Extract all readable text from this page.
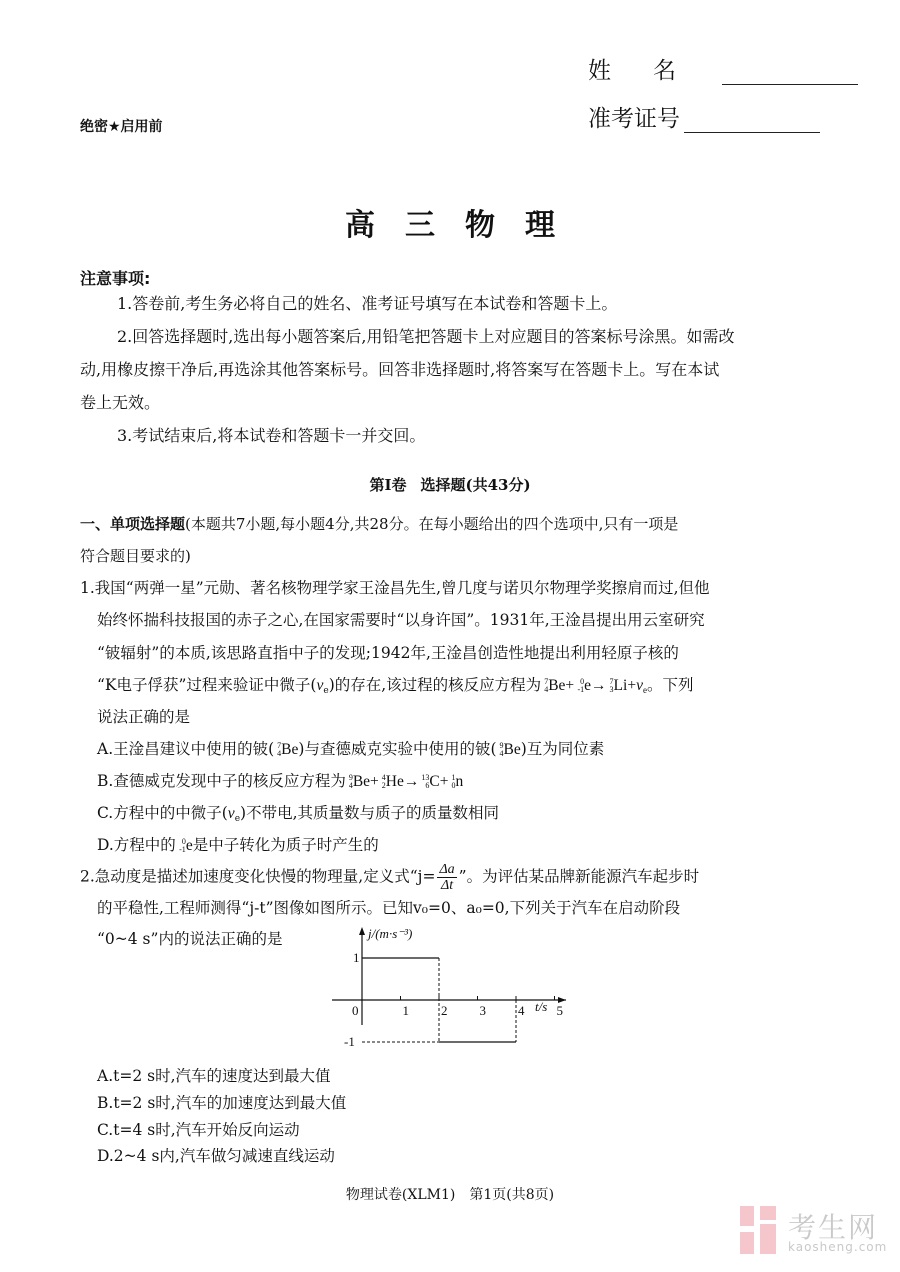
姓名
准考证号
绝密★启用前
高三物理
注意事项:
1.答卷前,考生务必将自己的姓名、准考证号填写在本试卷和答题卡上。
2.回答选择题时,选出每小题答案后,用铅笔把答题卡上对应题目的答案标号涂黑。如需改
动,用橡皮擦干净后,再选涂其他答案标号。回答非选择题时,将答案写在答题卡上。写在本试
卷上无效。
3.考试结束后,将本试卷和答题卡一并交回。
第Ⅰ卷 选择题(共43分)
一、单项选择题(本题共7小题,每小题4分,共28分。在每小题给出的四个选项中,只有一项是
符合题目要求的)
1.我国“两弹一星”元勋、著名核物理学家王淦昌先生,曾几度与诺贝尔物理学奖擦肩而过,但他
始终怀揣科技报国的赤子之心,在国家需要时“以身许国”。1931年,王淦昌提出用云室研究
“铍辐射”的本质,该思路直指中子的发现;1942年,王淦昌创造性地提出利用轻原子核的
“K电子俘获”过程来验证中微子$(v_e)$的存在,该过程的核反应方程为 7
4 Be+ 0
-1 e→ 7
3 $Li+v_e$。下列
说法正确的是
A.王淦昌建议中使用的铍( 7
4 Be)与查德威克实验中使用的铍( 9
4 Be)互为同位素
B.查德威克发现中子的核反应方程为 9
4 Be+ 4
2 He→ 13
6 C+ 1
0 n
C.方程中的中微子$(v_e)$不带电,其质量数与质子的质量数相同
D.方程中的 0
-1 e是中子转化为质子时产生的
2.急动度是描述加速度变化快慢的物理量,定义式“$j= \frac{\Delta a}{\Delta t}$ ”。为评估某品牌新能源汽车起步时
的平稳性,工程师测得“j-t”图像如图所示。已知v₀=0、a₀=0,下列关于汽车在启动阶段
“0~4 s”内的说法正确的是
0	1 2 3 4 5
1
-1
j/(m·s⁻³)
t/s
A.t=2 s时,汽车的速度达到最大值
B.t=2 s时,汽车的加速度达到最大值
C.t=4 s时,汽车开始反向运动
D.2~4 s内,汽车做匀减速直线运动
物理试卷(XLM1)　第1页(共8页)
考生网
kaosheng.com
